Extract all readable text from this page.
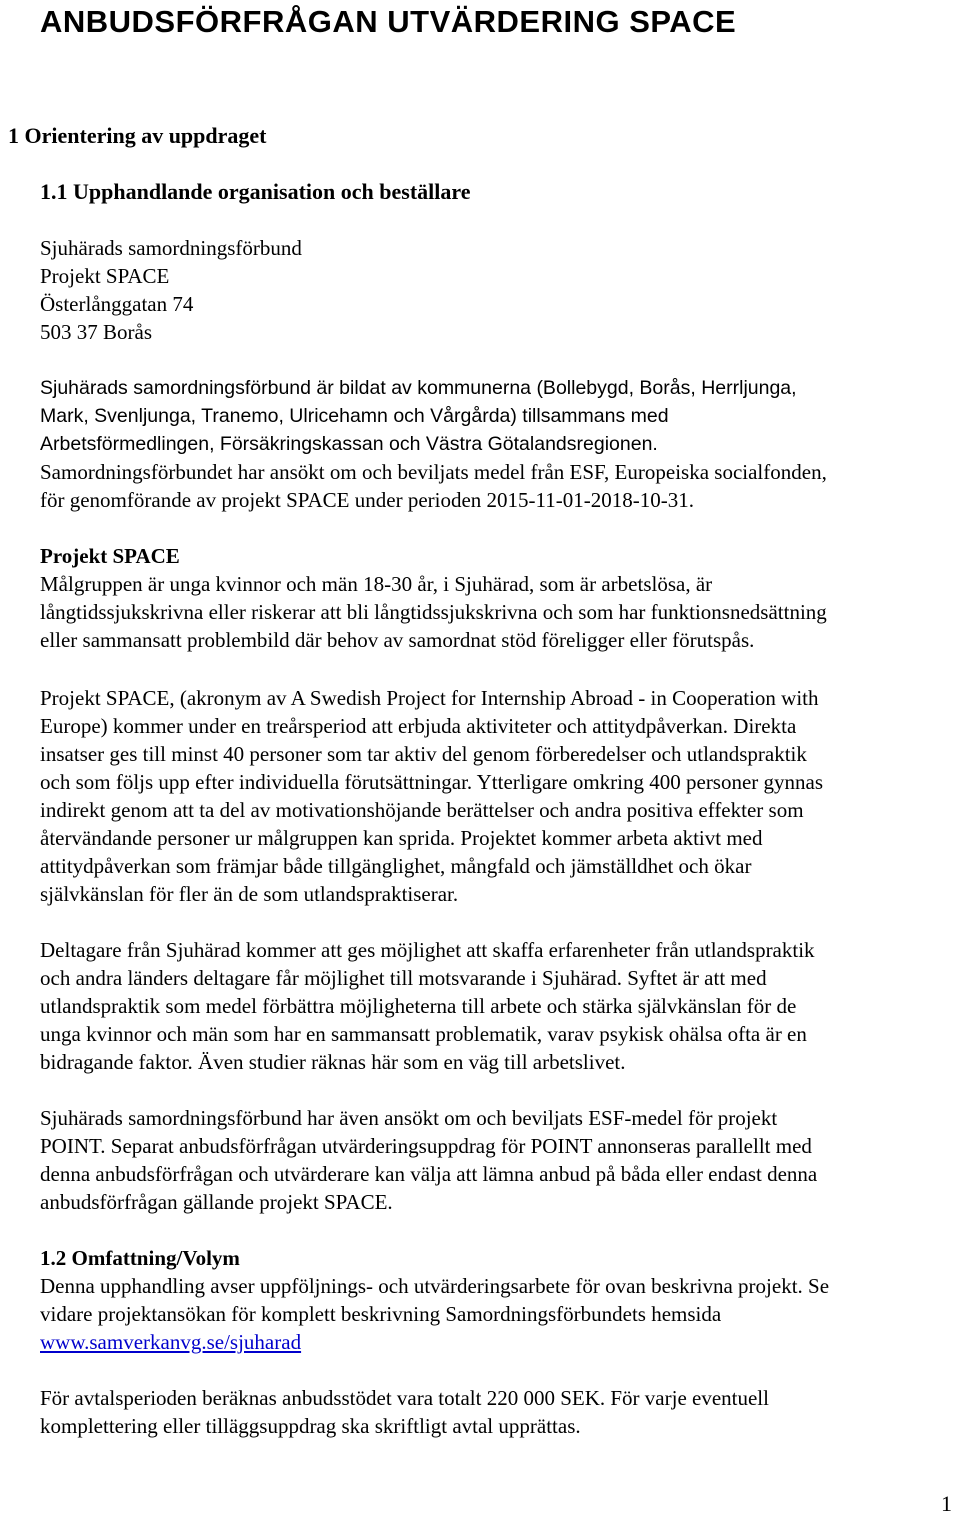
ANBUDSFÖRFRÅGAN UTVÄRDERING SPACE
1 Orientering av uppdraget
1.1 Upphandlande organisation och beställare
Sjuhärads samordningsförbund
Projekt SPACE
Österlånggatan 74
503 37 Borås
Sjuhärads samordningsförbund är bildat av kommunerna (Bollebygd, Borås, Herrljunga,
Mark, Svenljunga, Tranemo, Ulricehamn och Vårgårda) tillsammans med
Arbetsförmedlingen, Försäkringskassan och Västra Götalandsregionen.
Samordningsförbundet har ansökt om och beviljats medel från ESF, Europeiska socialfonden,
för genomförande av projekt SPACE under perioden 2015-11-01-2018-10-31.
Projekt SPACE
Målgruppen är unga kvinnor och män 18-30 år, i Sjuhärad, som är arbetslösa, är
långtidssjukskrivna eller riskerar att bli långtidssjukskrivna och som har funktionsnedsättning
eller sammansatt problembild där behov av samordnat stöd föreligger eller förutspås.
Projekt SPACE, (akronym av A Swedish Project for Internship Abroad - in Cooperation with
Europe) kommer under en treårsperiod att erbjuda aktiviteter och attitydpåverkan. Direkta
insatser ges till minst 40 personer som tar aktiv del genom förberedelser och utlandspraktik
och som följs upp efter individuella förutsättningar. Ytterligare omkring 400 personer gynnas
indirekt genom att ta del av motivationshöjande berättelser och andra positiva effekter som
återvändande personer ur målgruppen kan sprida. Projektet kommer arbeta aktivt med
attitydpåverkan som främjar både tillgänglighet, mångfald och jämställdhet och ökar
självkänslan för fler än de som utlandspraktiserar.
Deltagare från Sjuhärad kommer att ges möjlighet att skaffa erfarenheter från utlandspraktik
och andra länders deltagare får möjlighet till motsvarande i Sjuhärad. Syftet är att med
utlandspraktik som medel förbättra möjligheterna till arbete och stärka självkänslan för de
unga kvinnor och män som har en sammansatt problematik, varav psykisk ohälsa ofta är en
bidragande faktor. Även studier räknas här som en väg till arbetslivet.
Sjuhärads samordningsförbund har även ansökt om och beviljats ESF-medel för projekt
POINT. Separat anbudsförfrågan utvärderingsuppdrag för POINT annonseras parallellt med
denna anbudsförfrågan och utvärderare kan välja att lämna anbud på båda eller endast denna
anbudsförfrågan gällande projekt SPACE.
1.2 Omfattning/Volym
Denna upphandling avser uppföljnings- och utvärderingsarbete för ovan beskrivna projekt. Se
vidare projektansökan för komplett beskrivning Samordningsförbundets hemsida
www.samverkanvg.se/sjuharad
För avtalsperioden beräknas anbudsstödet vara totalt 220 000 SEK. För varje eventuell
komplettering eller tilläggsuppdrag ska skriftligt avtal upprättas.
1
